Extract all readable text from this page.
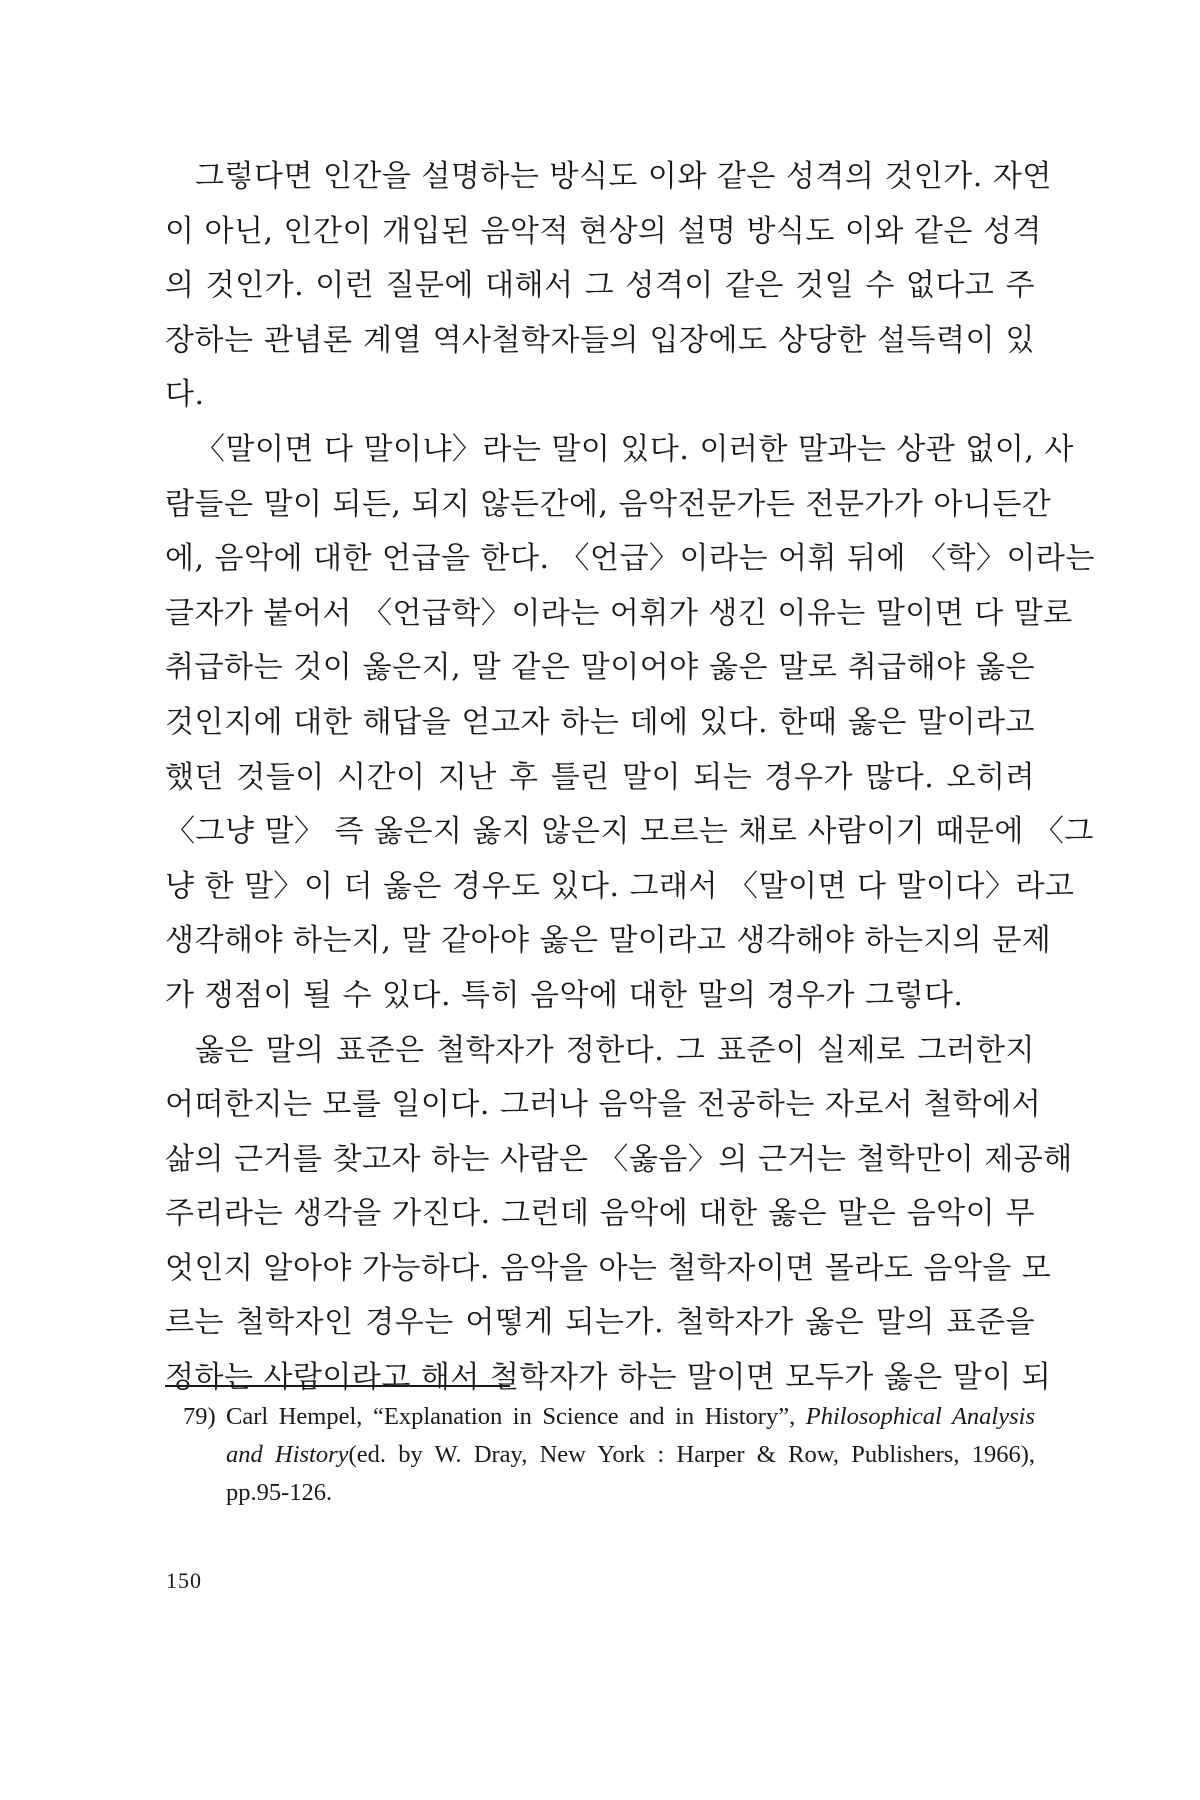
그렇다면 인간을 설명하는 방식도 이와 같은 성격의 것인가. 자연
이 아닌, 인간이 개입된 음악적 현상의 설명 방식도 이와 같은 성격
의 것인가. 이런 질문에 대해서 그 성격이 같은 것일 수 없다고 주
장하는 관념론 계열 역사철학자들의 입장에도 상당한 설득력이 있
다.
〈말이면 다 말이냐〉라는 말이 있다. 이러한 말과는 상관 없이, 사
람들은 말이 되든, 되지 않든간에, 음악전문가든 전문가가 아니든간
에, 음악에 대한 언급을 한다. 〈언급〉이라는 어휘 뒤에 〈학〉이라는
글자가 붙어서 〈언급학〉이라는 어휘가 생긴 이유는 말이면 다 말로
취급하는 것이 옳은지, 말 같은 말이어야 옳은 말로 취급해야 옳은
것인지에 대한 해답을 얻고자 하는 데에 있다. 한때 옳은 말이라고
했던 것들이 시간이 지난 후 틀린 말이 되는 경우가 많다. 오히려
〈그냥 말〉 즉 옳은지 옳지 않은지 모르는 채로 사람이기 때문에 〈그
냥 한 말〉이 더 옳은 경우도 있다. 그래서 〈말이면 다 말이다〉라고
생각해야 하는지, 말 같아야 옳은 말이라고 생각해야 하는지의 문제
가 쟁점이 될 수 있다. 특히 음악에 대한 말의 경우가 그렇다.
옳은 말의 표준은 철학자가 정한다. 그 표준이 실제로 그러한지
어떠한지는 모를 일이다. 그러나 음악을 전공하는 자로서 철학에서
삶의 근거를 찾고자 하는 사람은 〈옳음〉의 근거는 철학만이 제공해
주리라는 생각을 가진다. 그런데 음악에 대한 옳은 말은 음악이 무
엇인지 알아야 가능하다. 음악을 아는 철학자이면 몰라도 음악을 모
르는 철학자인 경우는 어떻게 되는가. 철학자가 옳은 말의 표준을
정하는 사람이라고 해서 철학자가 하는 말이면 모두가 옳은 말이 되
79) Carl Hempel, “Explanation in Science and in History”, Philosophical Analysis
and History(ed. by W. Dray, New York : Harper & Row, Publishers, 1966),
pp.95-126.
150
